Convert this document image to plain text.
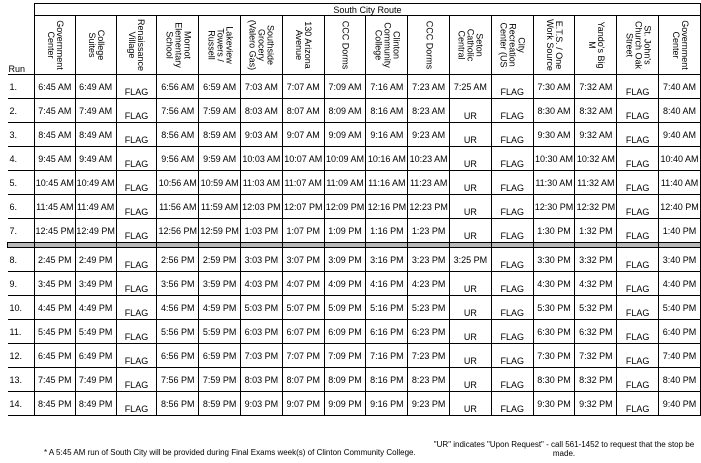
	South City Route															
Run	Government Center	College Suites	Renaissance Village	Mornot Elementary School	Lakeview Towers / Russell	Southside Grocery (Valero Gas)	130 Arizona Avenue	CCC Dorms	Clinton Community College	CCC Dorms	Seton Catholic Central	City Recreation Center (US	E.T.S. / One Work Source	Yando's Big M	St. John's Church Oak Street	Government Center

1.	6:45 AM	6:49 AM	FLAG	6:56 AM	6:59 AM	7:03 AM	7:07 AM	7:09 AM	7:16 AM	7:23 AM	7:25 AM	FLAG	7:30 AM	7:32 AM	FLAG	7:40 AM
2.	7:45 AM	7:49 AM	FLAG	7:56 AM	7:59 AM	8:03 AM	8:07 AM	8:09 AM	8:16 AM	8:23 AM	UR	FLAG	8:30 AM	8:32 AM	FLAG	8:40 AM
3.	8:45 AM	8:49 AM	FLAG	8:56 AM	8:59 AM	9:03 AM	9:07 AM	9:09 AM	9:16 AM	9:23 AM	UR	FLAG	9:30 AM	9:32 AM	FLAG	9:40 AM
4.	9:45 AM	9:49 AM	FLAG	9:56 AM	9:59 AM	10:03 AM	10:07 AM	10:09 AM	10:16 AM	10:23 AM	UR	FLAG	10:30 AM	10:32 AM	FLAG	10:40 AM
5.	10:45 AM	10:49 AM	FLAG	10:56 AM	10:59 AM	11:03 AM	11:07 AM	11:09 AM	11:16 AM	11:23 AM	UR	FLAG	11:30 AM	11:32 AM	FLAG	11:40 AM
6.	11:45 AM	11:49 AM	FLAG	11:56 AM	11:59 AM	12:03 PM	12:07 PM	12:09 PM	12:16 PM	12:23 PM	UR	FLAG	12:30 PM	12:32 PM	FLAG	12:40 PM
7.	12:45 PM	12:49 PM	FLAG	12:56 PM	12:59 PM	1:03 PM	1:07 PM	1:09 PM	1:16 PM	1:23 PM	UR	FLAG	1:30 PM	1:32 PM	FLAG	1:40 PM

8.	2:45 PM	2:49 PM	FLAG	2:56 PM	2:59 PM	3:03 PM	3:07 PM	3:09 PM	3:16 PM	3:23 PM	3:25 PM	FLAG	3:30 PM	3:32 PM	FLAG	3:40 PM
9.	3:45 PM	3:49 PM	FLAG	3:56 PM	3:59 PM	4:03 PM	4:07 PM	4:09 PM	4:16 PM	4:23 PM	UR	FLAG	4:30 PM	4:32 PM	FLAG	4:40 PM
10.	4:45 PM	4:49 PM	FLAG	4:56 PM	4:59 PM	5:03 PM	5:07 PM	5:09 PM	5:16 PM	5:23 PM	UR	FLAG	5:30 PM	5:32 PM	FLAG	5:40 PM
11.	5:45 PM	5:49 PM	FLAG	5:56 PM	5:59 PM	6:03 PM	6:07 PM	6:09 PM	6:16 PM	6:23 PM	UR	FLAG	6:30 PM	6:32 PM	FLAG	6:40 PM
12.	6:45 PM	6:49 PM	FLAG	6:56 PM	6:59 PM	7:03 PM	7:07 PM	7:09 PM	7:16 PM	7:23 PM	UR	FLAG	7:30 PM	7:32 PM	FLAG	7:40 PM
13.	7:45 PM	7:49 PM	FLAG	7:56 PM	7:59 PM	8:03 PM	8:07 PM	8:09 PM	8:16 PM	8:23 PM	UR	FLAG	8:30 PM	8:32 PM	FLAG	8:40 PM
14.	8:45 PM	8:49 PM	FLAG	8:56 PM	8:59 PM	9:03 PM	9:07 PM	9:09 PM	9:16 PM	9:23 PM	UR	FLAG	9:30 PM	9:32 PM	FLAG	9:40 PM
* A 5:45 AM run of South City will be provided during Final Exams week(s) of Clinton Community College.
"UR" indicates "Upon Request" - call 561-1452 to request that the stop be made.
